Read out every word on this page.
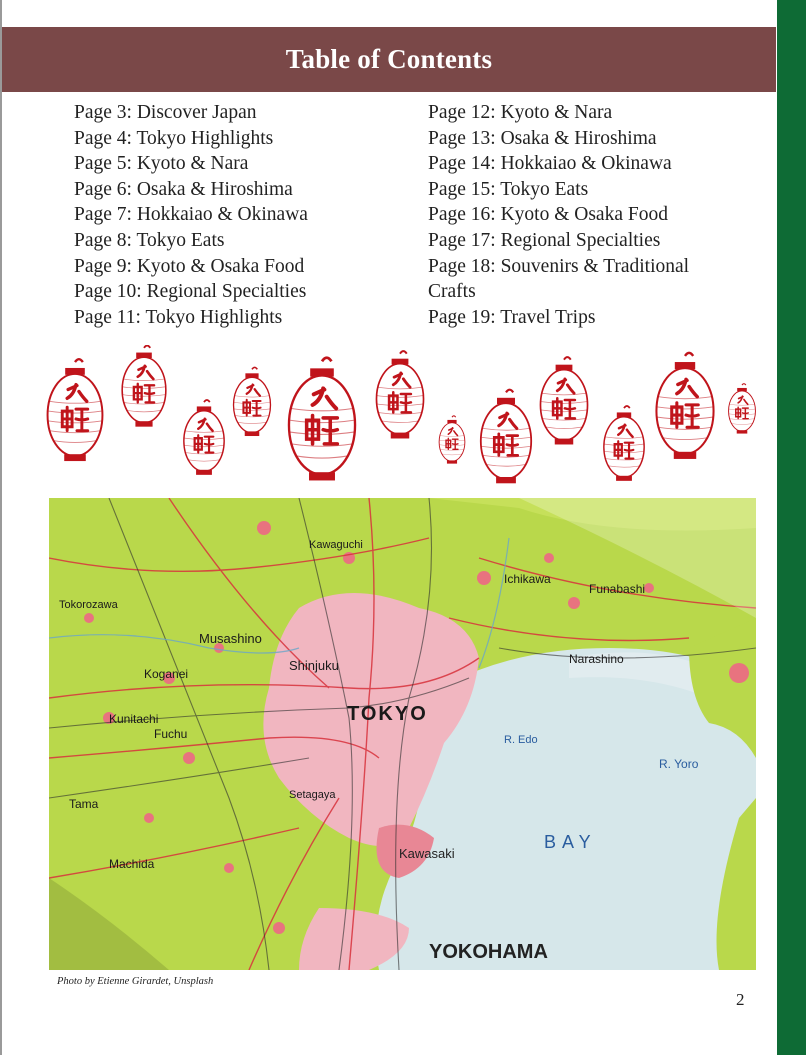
Table of Contents
Page 3: Discover Japan
Page 4: Tokyo Highlights
Page 5: Kyoto & Nara
Page 6: Osaka & Hiroshima
Page 7: Hokkaiao & Okinawa
Page 8: Tokyo Eats
Page 9: Kyoto & Osaka Food
Page 10: Regional Specialties
Page 11: Tokyo Highlights
Page 12: Kyoto & Nara
Page 13: Osaka & Hiroshima
Page 14: Hokkaiao & Okinawa
Page 15: Tokyo Eats
Page 16: Kyoto & Osaka Food
Page 17: Regional Specialties
Page 18: Souvenirs & Traditional Crafts
Page 19: Travel Trips
TOKYO
Shinjuku
YOKOHAMA
Kawasaki
Musashino
Koganei
Kunitachi
Fuchu
Tama
Machida
Narashino
Ichikawa
Funabashi
R. Yoro
R. Edo
BAY
Tokorozawa
Kawaguchi
Setagaya
Photo by Etienne Girardet, Unsplash
2
